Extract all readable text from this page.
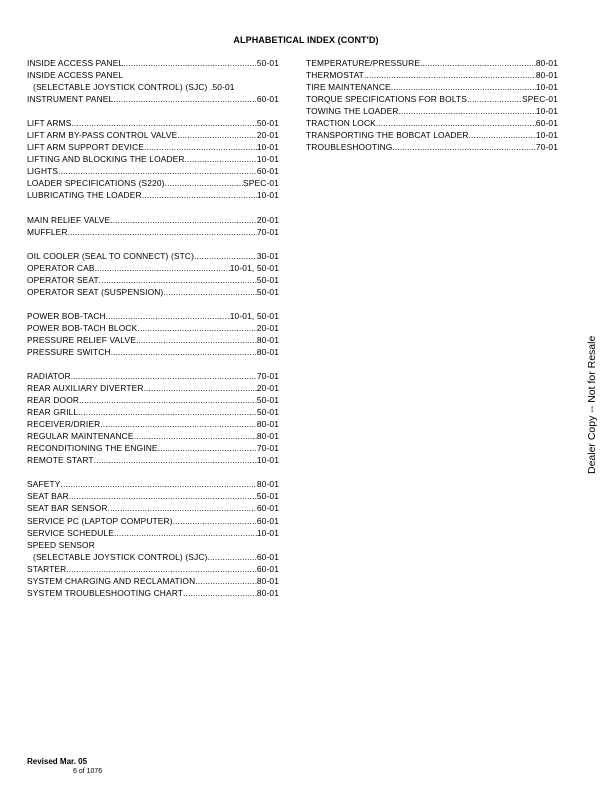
ALPHABETICAL INDEX (CONT'D)
INSIDE ACCESS PANEL .....	50-01
INSIDE ACCESS PANEL
(SELECTABLE JOYSTICK CONTROL) (SJC) .50-01
INSTRUMENT PANEL .....	60-01
LIFT ARMS .....	50-01
LIFT ARM BY-PASS CONTROL VALVE .....	20-01
LIFT ARM SUPPORT DEVICE .....	10-01
LIFTING AND BLOCKING THE LOADER .....	10-01
LIGHTS .....	60-01
LOADER SPECIFICATIONS (S220) .....	SPEC-01
LUBRICATING THE LOADER .....	10-01
MAIN RELIEF VALVE .....	20-01
MUFFLER .....	70-01
OIL COOLER (SEAL TO CONNECT) (STC) .....	30-01
OPERATOR CAB .....	10-01, 50-01
OPERATOR SEAT .....	50-01
OPERATOR SEAT (SUSPENSION) .....	50-01
POWER BOB-TACH .....	10-01, 50-01
POWER BOB-TACH BLOCK .....	20-01
PRESSURE RELIEF VALVE .....	80-01
PRESSURE SWITCH .....	80-01
RADIATOR .....	70-01
REAR AUXILIARY DIVERTER .....	20-01
REAR DOOR .....	50-01
REAR GRILL .....	50-01
RECEIVER/DRIER .....	80-01
REGULAR MAINTENANCE .....	80-01
RECONDITIONING THE ENGINE .....	70-01
REMOTE START .....	10-01
SAFETY .....	80-01
SEAT BAR .....	50-01
SEAT BAR SENSOR .....	60-01
SERVICE PC (LAPTOP COMPUTER) .....	60-01
SERVICE SCHEDULE .....	10-01
SPEED SENSOR
(SELECTABLE JOYSTICK CONTROL) (SJC) .....	60-01
STARTER .....	60-01
SYSTEM CHARGING AND RECLAMATION .....	80-01
SYSTEM TROUBLESHOOTING CHART .....	80-01
TEMPERATURE/PRESSURE .....	80-01
THERMOSTAT .....	80-01
TIRE MAINTENANCE .....	10-01
TORQUE SPECIFICATIONS FOR BOLTS .....	SPEC-01
TOWING THE LOADER .....	10-01
TRACTION LOCK .....	60-01
TRANSPORTING THE BOBCAT LOADER .....	10-01
TROUBLESHOOTING .....	70-01
Dealer Copy -- Not for Resale
Revised Mar. 05
6 of 1076
